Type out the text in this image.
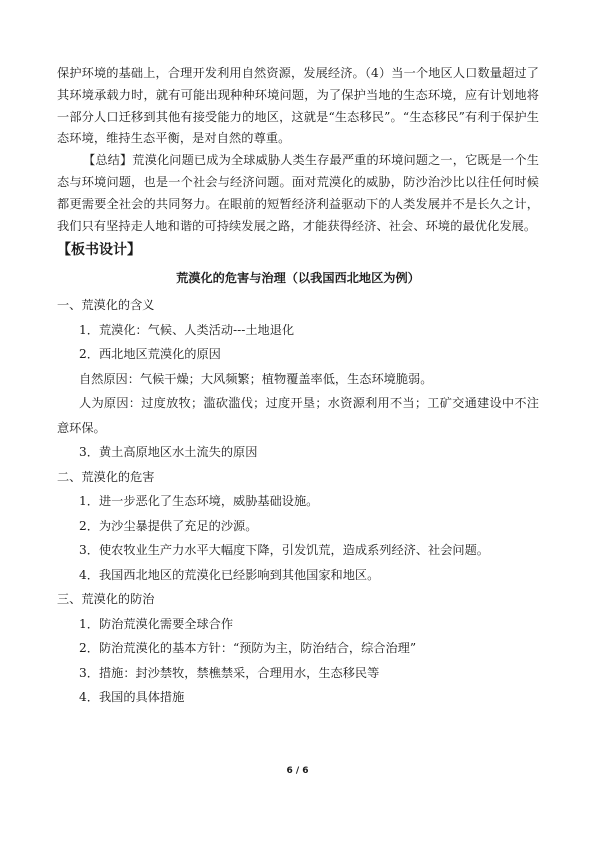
保护环境的基础上，合理开发利用自然资源，发展经济。（4）当一个地区人口数量超过了其环境承载力时，就有可能出现种种环境问题，为了保护当地的生态环境，应有计划地将一部分人口迁移到其他有接受能力的地区，这就是“生态移民”。“生态移民”有利于保护生态环境，维持生态平衡，是对自然的尊重。

【总结】荒漠化问题已成为全球威胁人类生存最严重的环境问题之一，它既是一个生态与环境问题，也是一个社会与经济问题。面对荒漠化的威胁，防沙治沙比以往任何时候都更需要全社会的共同努力。在眼前的短暂经济利益驱动下的人类发展并不是长久之计，我们只有坚持走人地和谐的可持续发展之路，才能获得经济、社会、环境的最优化发展。

【板书设计】
荒漠化的危害与治理（以我国西北地区为例）

一、荒漠化的含义

1．荒漠化：气候、人类活动---土地退化

2．西北地区荒漠化的原因

自然原因：气候干燥；大风频繁；植物覆盖率低，生态环境脆弱。

人为原因：过度放牧；滥砍滥伐；过度开垦；水资源利用不当；工矿交通建设中不注意环保。

3．黄土高原地区水土流失的原因

二、荒漠化的危害

1．进一步恶化了生态环境，威胁基础设施。

2．为沙尘暴提供了充足的沙源。

3．使农牧业生产力水平大幅度下降，引发饥荒，造成系列经济、社会问题。

4．我国西北地区的荒漠化已经影响到其他国家和地区。

三、荒漠化的防治

1．防治荒漠化需要全球合作

2．防治荒漠化的基本方针：“预防为主，防治结合，综合治理”

3．措施：封沙禁牧，禁樵禁采，合理用水，生态移民等

4．我国的具体措施

6 / 6
